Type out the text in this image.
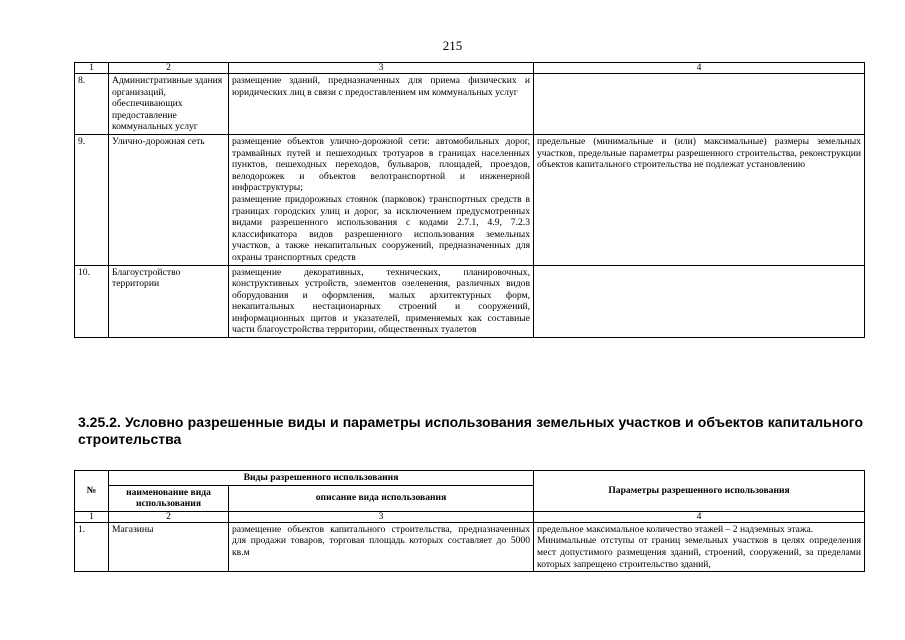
215
1	2	3	4
8.	Административные здания организаций, обеспечивающих предоставление коммунальных услуг	размещение зданий, предназначенных для приема физических и юридических лиц в связи с предоставлением им коммунальных услуг	
9.	Улично-дорожная сеть	размещение объектов улично-дорожной сети: автомобильных дорог, трамвайных путей и пешеходных тротуаров в границах населенных пунктов, пешеходных переходов, бульваров, площадей, проездов, велодорожек и объектов велотранспортной и инженерной инфраструктуры;
размещение придорожных стоянок (парковок) транспортных средств в границах городских улиц и дорог, за исключением предусмотренных видами разрешенного использования с кодами 2.7.1, 4.9, 7.2.3 классификатора видов разрешенного использования земельных участков, а также некапитальных сооружений, предназначенных для охраны транспортных средств	предельные (минимальные и (или) максимальные) размеры земельных участков, предельные параметры разрешенного строительства, реконструкции объектов капитального строительства не подлежат установлению
10.	Благоустройство территории	размещение декоративных, технических, планировочных, конструктивных устройств, элементов озеленения, различных видов оборудования и оформления, малых архитектурных форм, некапитальных нестационарных строений и сооружений, информационных щитов и указателей, применяемых как составные части благоустройства территории, общественных туалетов	
3.25.2. Условно разрешенные виды и параметры использования земельных участков и объектов капитального строительства
№	Виды разрешенного использования		Параметры разрешенного использования
	наименование вида использования	описание вида использования	
1	2	3	4
1.	Магазины	размещение объектов капитального строительства, предназначенных для продажи товаров, торговая площадь которых составляет до 5000 кв.м	предельное максимальное количество этажей – 2 надземных этажа.
Минимальные отступы от границ земельных участков в целях определения мест допустимого размещения зданий, строений, сооружений, за пределами которых запрещено строительство зданий,
